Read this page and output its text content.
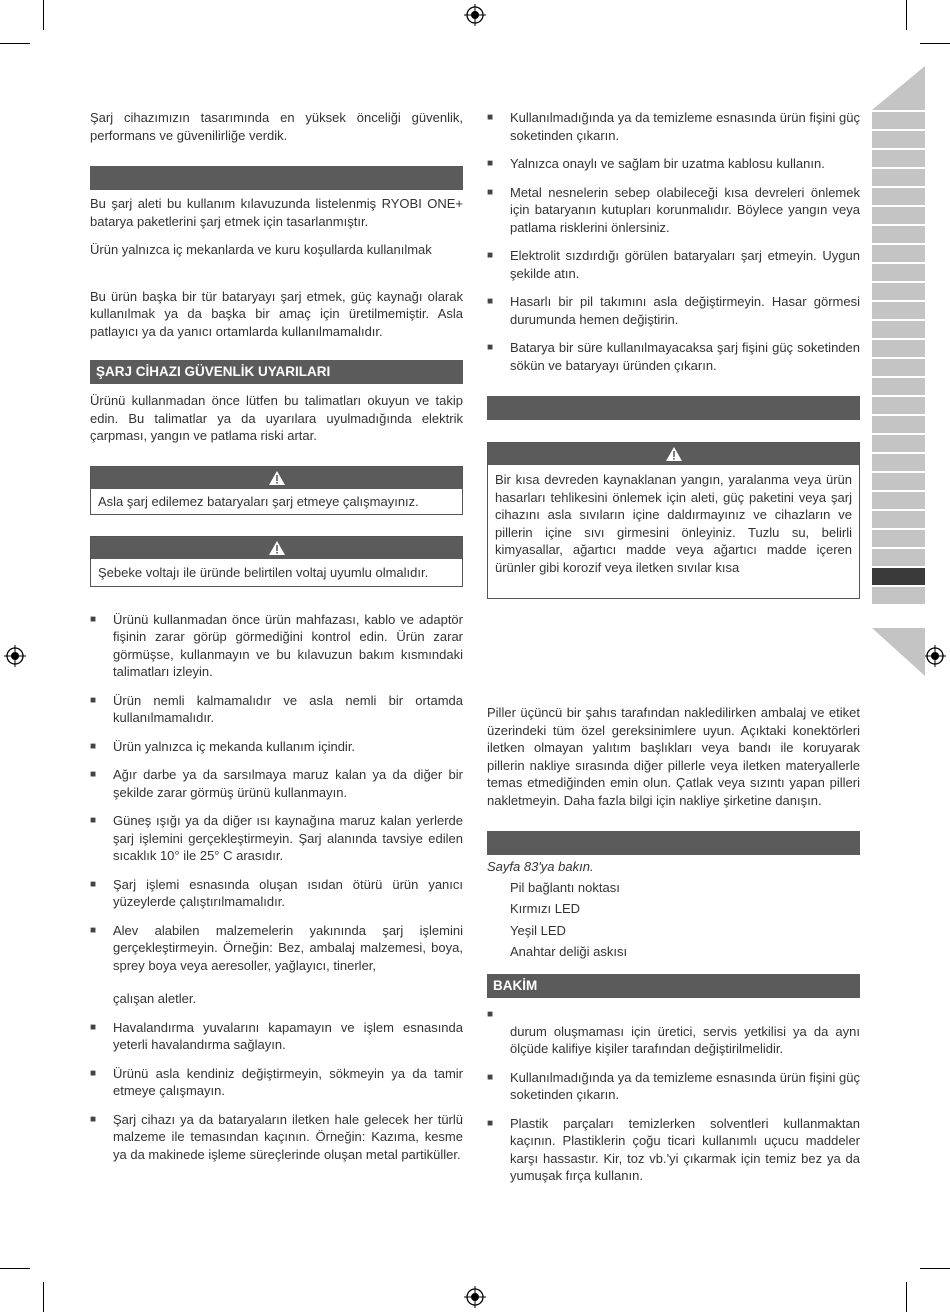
Şarj cihazımızın tasarımında en yüksek önceliği güvenlik, performans ve güvenilirliğe verdik.

Bu şarj aleti bu kullanım kılavuzunda listelenmiş RYOBI ONE+ batarya paketlerini şarj etmek için tasarlanmıştır.

Ürün yalnızca iç mekanlarda ve kuru koşullarda kullanılmak

Bu ürün başka bir tür bataryayı şarj etmek, güç kaynağı olarak kullanılmak ya da başka bir amaç için üretilmemiştir. Asla patlayıcı ya da yanıcı ortamlarda kullanılmamalıdır.

ŞARJ CİHAZI GÜVENLİK UYARILARI

Ürünü kullanmadan önce lütfen bu talimatları okuyun ve takip edin. Bu talimatlar ya da uyarılara uyulmadığında elektrik çarpması, yangın ve patlama riski artar.

Asla şarj edilemez bataryaları şarj etmeye çalışmayınız.
Şebeke voltajı ile üründe belirtilen voltaj uyumlu olmalıdır.
■ Ürünü kullanmadan önce ürün mahfazası, kablo ve adaptör fişinin zarar görüp görmediğini kontrol edin. Ürün zarar görmüşse, kullanmayın ve bu kılavuzun bakım kısmındaki talimatları izleyin.
■ Ürün nemli kalmamalıdır ve asla nemli bir ortamda kullanılmamalıdır.
■ Ürün yalnızca iç mekanda kullanım içindir.
■ Ağır darbe ya da sarsılmaya maruz kalan ya da diğer bir şekilde zarar görmüş ürünü kullanmayın.
■ Güneş ışığı ya da diğer ısı kaynağına maruz kalan yerlerde şarj işlemini gerçekleştirmeyin. Şarj alanında tavsiye edilen sıcaklık 10° ile 25° C arasıdır.
■ Şarj işlemi esnasında oluşan ısıdan ötürü ürün yanıcı yüzeylerde çalıştırılmamalıdır.
■ Alev alabilen malzemelerin yakınında şarj işlemini gerçekleştirmeyin. Örneğin: Bez, ambalaj malzemesi, boya, sprey boya veya aeresoller, yağlayıcı, tinerler,

çalışan aletler.

■ Havalandırma yuvalarını kapamayın ve işlem esnasında yeterli havalandırma sağlayın.
■ Ürünü asla kendiniz değiştirmeyin, sökmeyin ya da tamir etmeye çalışmayın.
■ Şarj cihazı ya da bataryaların iletken hale gelecek her türlü malzeme ile temasından kaçının. Örneğin: Kazıma, kesme ya da makinede işleme süreçlerinde oluşan metal partiküller.
■ Kullanılmadığında ya da temizleme esnasında ürün fişini güç soketinden çıkarın.
■ Yalnızca onaylı ve sağlam bir uzatma kablosu kullanın.
■ Metal nesnelerin sebep olabileceği kısa devreleri önlemek için bataryanın kutupları korunmalıdır. Böylece yangın veya patlama risklerini önlersiniz.
■ Elektrolit sızdırdığı görülen bataryaları şarj etmeyin. Uygun şekilde atın.
■ Hasarlı bir pil takımını asla değiştirmeyin. Hasar görmesi durumunda hemen değiştirin.
■ Batarya bir süre kullanılmayacaksa şarj fişini güç soketinden sökün ve bataryayı üründen çıkarın.
Bir kısa devreden kaynaklanan yangın, yaralanma veya ürün hasarları tehlikesini önlemek için aleti, güç paketini veya şarj cihazını asla sıvıların içine daldırmayınız ve cihazların ve pillerin içine sıvı girmesini önleyiniz. Tuzlu su, belirli kimyasallar, ağartıcı madde veya ağartıcı madde içeren ürünler gibi korozif veya iletken sıvılar kısa

Piller üçüncü bir şahıs tarafından nakledilirken ambalaj ve etiket üzerindeki tüm özel gereksinimlere uyun. Açıktaki konektörleri iletken olmayan yalıtım başlıkları veya bandı ile koruyarak pillerin nakliye sırasında diğer pillerle veya iletken materyallerle temas etmediğinden emin olun. Çatlak veya sızıntı yapan pilleri nakletmeyin. Daha fazla bilgi için nakliye şirketine danışın.

Sayfa 83'ya bakın.

Pil bağlantı noktası
Kırmızı LED
Yeşil LED
Anahtar deliği askısı
BAKİM
■

durum oluşmaması için üretici, servis yetkilisi ya da aynı ölçüde kalifiye kişiler tarafından değiştirilmelidir.

■ Kullanılmadığında ya da temizleme esnasında ürün fişini güç soketinden çıkarın.
■ Plastik parçaları temizlerken solventleri kullanmaktan kaçının. Plastiklerin çoğu ticari kullanımlı uçucu maddeler karşı hassastır. Kir, toz vb.'yi çıkarmak için temiz bez ya da yumuşak fırça kullanın.
